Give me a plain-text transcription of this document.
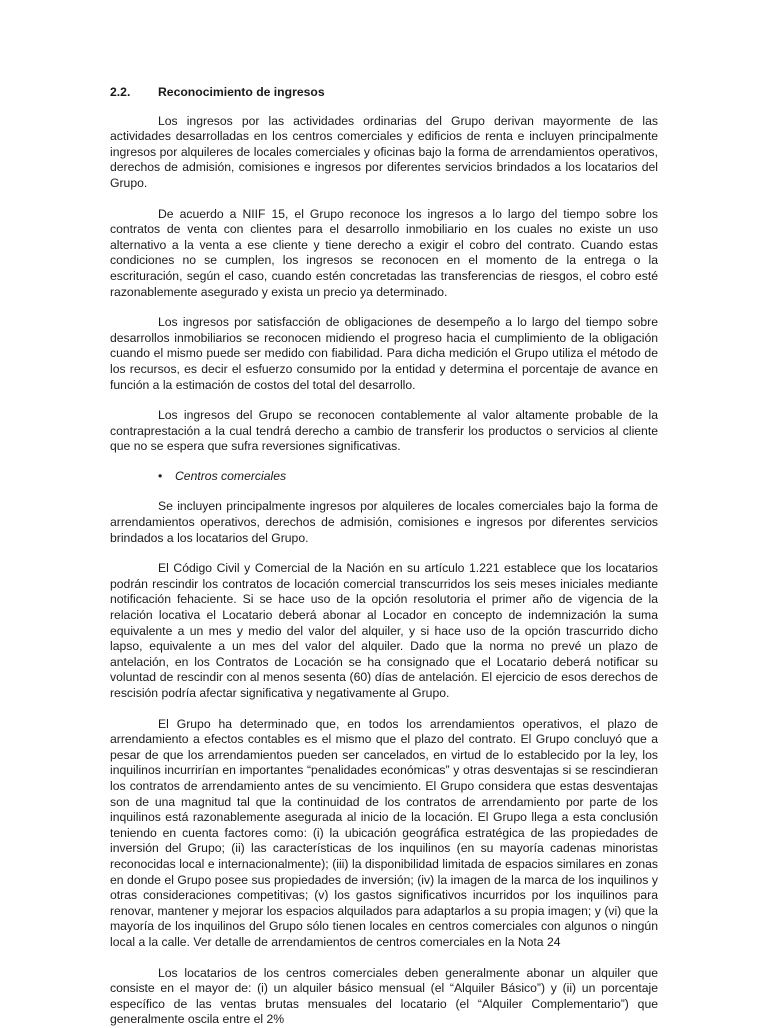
2.2.	Reconocimiento de ingresos

Los ingresos por las actividades ordinarias del Grupo derivan mayormente de las actividades desarrolladas en los centros comerciales y edificios de renta e incluyen principalmente ingresos por alquileres de locales comerciales y oficinas bajo la forma de arrendamientos operativos, derechos de admisión, comisiones e ingresos por diferentes servicios brindados a los locatarios del Grupo.

De acuerdo a NIIF 15, el Grupo reconoce los ingresos a lo largo del tiempo sobre los contratos de venta con clientes para el desarrollo inmobiliario en los cuales no existe un uso alternativo a la venta a ese cliente y tiene derecho a exigir el cobro del contrato. Cuando estas condiciones no se cumplen, los ingresos se reconocen en el momento de la entrega o la escrituración, según el caso, cuando estén concretadas las transferencias de riesgos, el cobro esté razonablemente asegurado y exista un precio ya determinado.

Los ingresos por satisfacción de obligaciones de desempeño a lo largo del tiempo sobre desarrollos inmobiliarios se reconocen midiendo el progreso hacia el cumplimiento de la obligación cuando el mismo puede ser medido con fiabilidad. Para dicha medición el Grupo utiliza el método de los recursos, es decir el esfuerzo consumido por la entidad y determina el porcentaje de avance en función a la estimación de costos del total del desarrollo.

Los ingresos del Grupo se reconocen contablemente al valor altamente probable de la contraprestación a la cual tendrá derecho a cambio de transferir los productos o servicios al cliente que no se espera que sufra reversiones significativas.

•	Centros comerciales

Se incluyen principalmente ingresos por alquileres de locales comerciales bajo la forma de arrendamientos operativos, derechos de admisión, comisiones e ingresos por diferentes servicios brindados a los locatarios del Grupo.

El Código Civil y Comercial de la Nación en su artículo 1.221 establece que los locatarios podrán rescindir los contratos de locación comercial transcurridos los seis meses iniciales mediante notificación fehaciente. Si se hace uso de la opción resolutoria el primer año de vigencia de la relación locativa el Locatario deberá abonar al Locador en concepto de indemnización la suma equivalente a un mes y medio del valor del alquiler, y si hace uso de la opción trascurrido dicho lapso, equivalente a un mes del valor del alquiler. Dado que la norma no prevé un plazo de antelación, en los Contratos de Locación se ha consignado que el Locatario deberá notificar su voluntad de rescindir con al menos sesenta (60) días de antelación. El ejercicio de esos derechos de rescisión podría afectar significativa y negativamente al Grupo.

El Grupo ha determinado que, en todos los arrendamientos operativos, el plazo de arrendamiento a efectos contables es el mismo que el plazo del contrato. El Grupo concluyó que a pesar de que los arrendamientos pueden ser cancelados, en virtud de lo establecido por la ley, los inquilinos incurrirían en importantes “penalidades económicas” y otras desventajas si se rescindieran los contratos de arrendamiento antes de su vencimiento. El Grupo considera que estas desventajas son de una magnitud tal que la continuidad de los contratos de arrendamiento por parte de los inquilinos está razonablemente asegurada al inicio de la locación. El Grupo llega a esta conclusión teniendo en cuenta factores como: (i) la ubicación geográfica estratégica de las propiedades de inversión del Grupo; (ii) las características de los inquilinos (en su mayoría cadenas minoristas reconocidas local e internacionalmente); (iii) la disponibilidad limitada de espacios similares en zonas en donde el Grupo posee sus propiedades de inversión; (iv) la imagen de la marca de los inquilinos y otras consideraciones competitivas; (v) los gastos significativos incurridos por los inquilinos para renovar, mantener y mejorar los espacios alquilados para adaptarlos a su propia imagen; y (vi) que la mayoría de los inquilinos del Grupo sólo tienen locales en centros comerciales con algunos o ningún local a la calle. Ver detalle de arrendamientos de centros comerciales en la Nota 24

Los locatarios de los centros comerciales deben generalmente abonar un alquiler que consiste en el mayor de: (i) un alquiler básico mensual (el “Alquiler Básico”) y (ii) un porcentaje específico de las ventas brutas mensuales del locatario (el “Alquiler Complementario”) que generalmente oscila entre el 2%
